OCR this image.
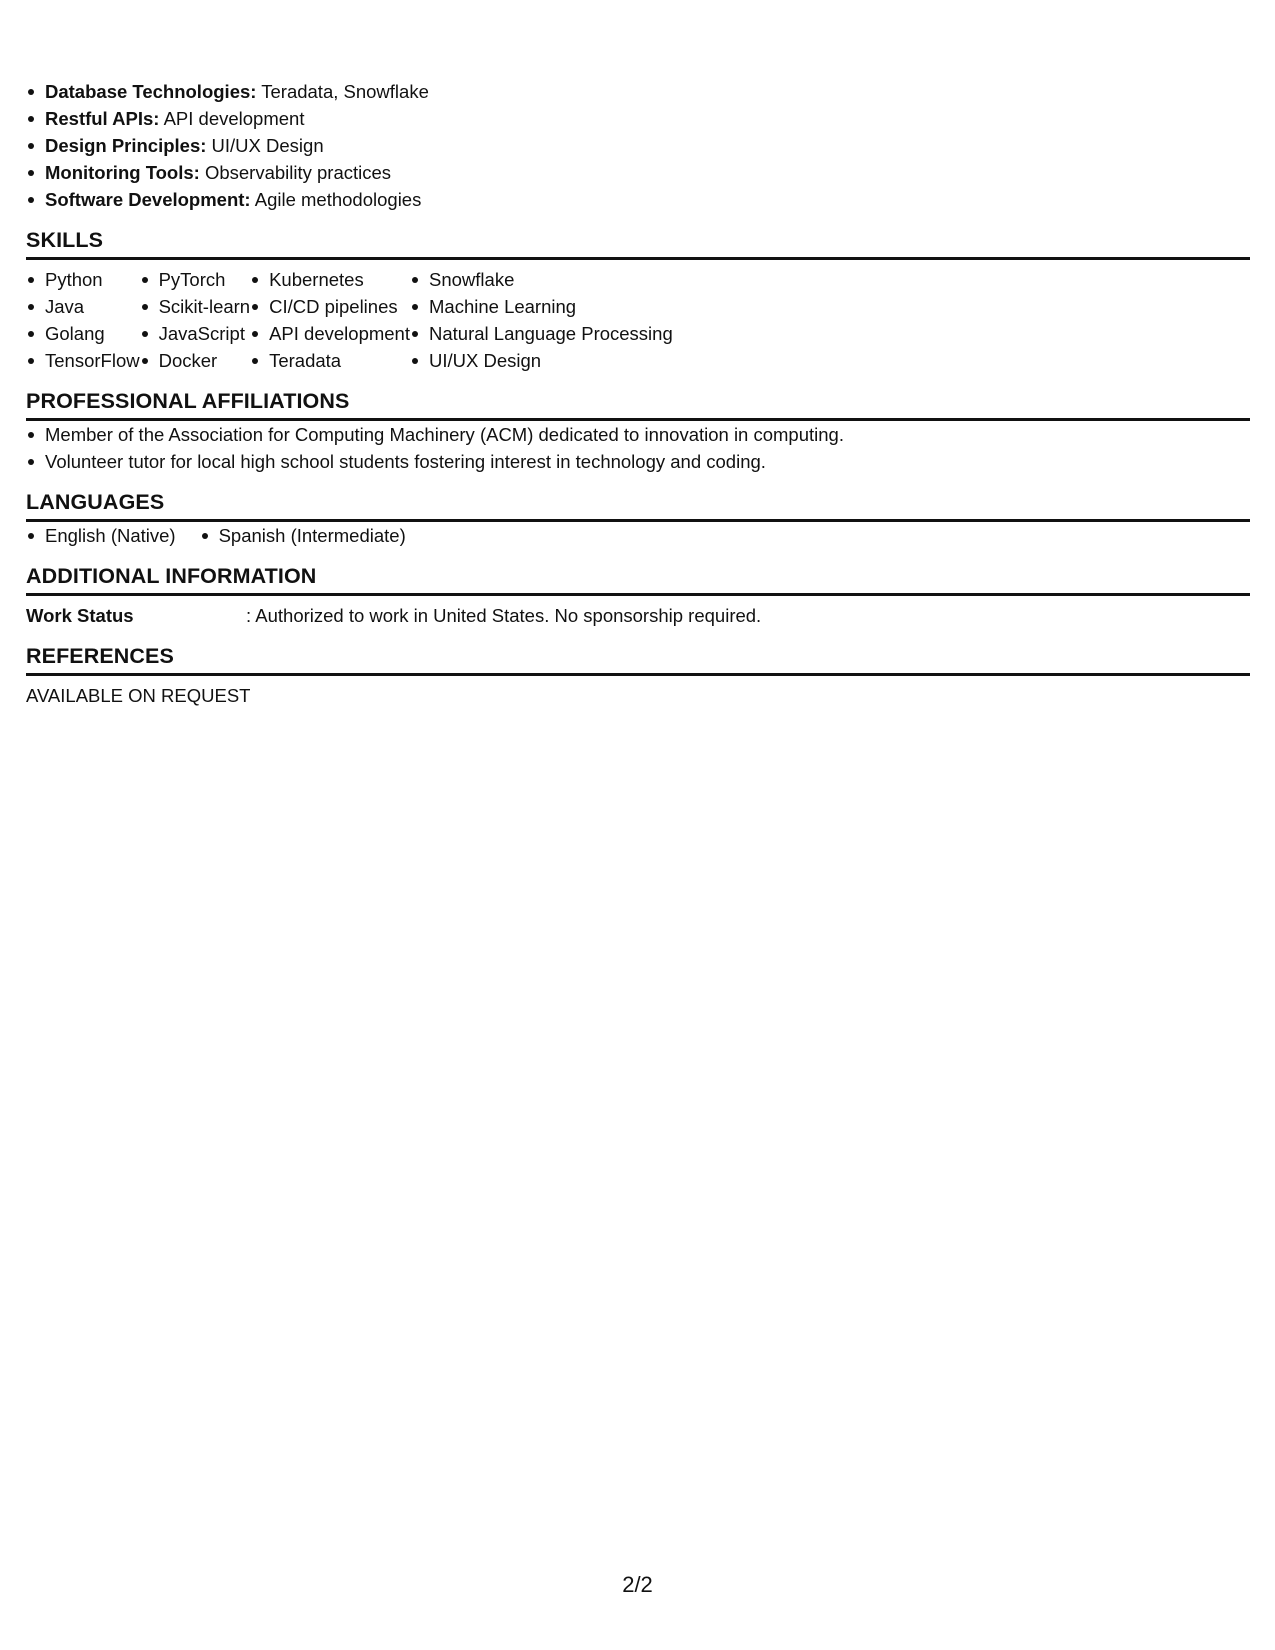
Database Technologies: Teradata, Snowflake
Restful APIs: API development
Design Principles: UI/UX Design
Monitoring Tools: Observability practices
Software Development: Agile methodologies
SKILLS
Python
Java
Golang
TensorFlow
PyTorch
Scikit-learn
JavaScript
Docker
Kubernetes
CI/CD pipelines
API development
Teradata
Snowflake
Machine Learning
Natural Language Processing
UI/UX Design
PROFESSIONAL AFFILIATIONS
Member of the Association for Computing Machinery (ACM) dedicated to innovation in computing.
Volunteer tutor for local high school students fostering interest in technology and coding.
LANGUAGES
English (Native)	Spanish (Intermediate)
ADDITIONAL INFORMATION
Work Status	: Authorized to work in United States. No sponsorship required.
REFERENCES
AVAILABLE ON REQUEST
2/2
